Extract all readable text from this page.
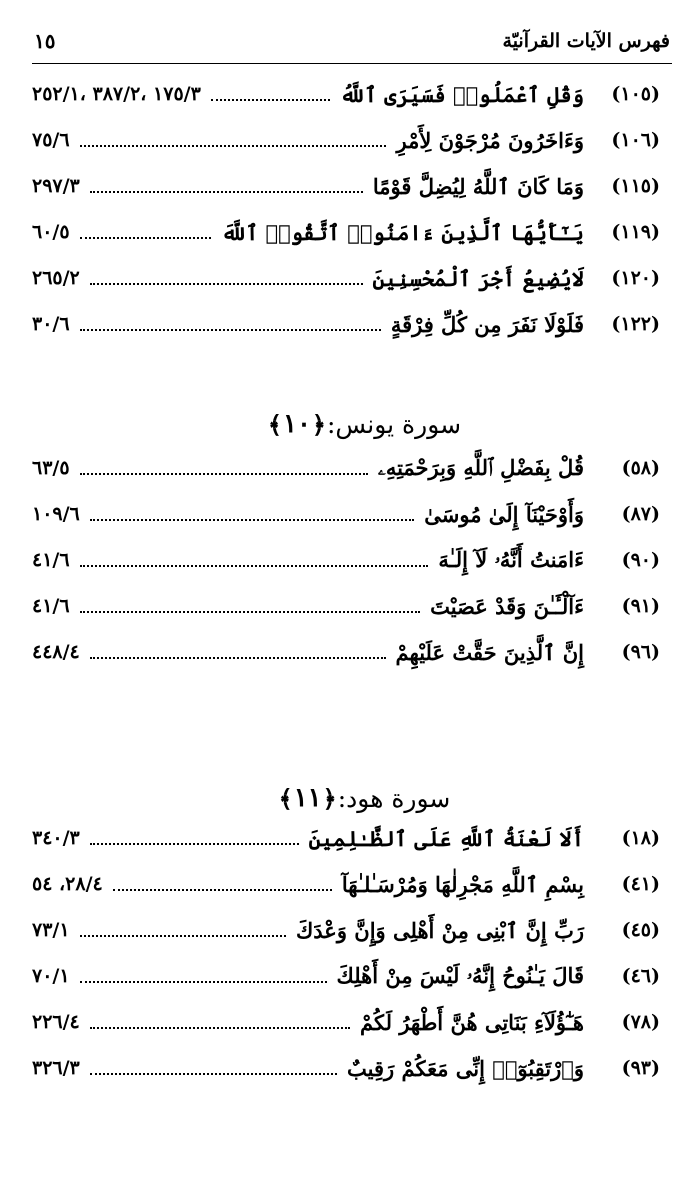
فهرس الآيات القرآنيّة
١٥
(١٠٥)
وَقُلِ ٱعْمَلُوا۟ فَسَيَرَى ٱللَّهُ
١٧٥/٣ ،٣٨٧/٢ ،٢٥٢/١
(١٠٦)
وَءَاخَرُونَ مُرْجَوْنَ لِأَمْرِ
٧٥/٦
(١١٥)
وَمَا كَانَ ٱللَّهُ لِيُضِلَّ قَوْمًا
٢٩٧/٣
(١١٩)
يَـٰٓأَيُّهَا ٱلَّذِينَ ءَامَنُوا۟ ٱتَّقُوا۟ ٱللَّهَ
٦٠/٥
(١٢٠)
لَايُضِيعُ أَجْرَ ٱلْمُحْسِنِينَ
٢٦٥/٢
(١٢٢)
فَلَوْلَا نَفَرَ مِن كُلِّ فِرْقَةٍ
٣٠/٦
سورة يونس:
﴿
١٠
﴾
(٥٨)
قُلْ بِفَضْلِ ٱللَّهِ وَبِرَحْمَتِهِۦ
٦٣/٥
(٨٧)
وَأَوْحَيْنَآ إِلَىٰ مُوسَىٰ
١٠٩/٦
(٩٠)
ءَامَنتُ أَنَّهُۥ لَآ إِلَـٰهَ
٤١/٦
(٩١)
ءَآلْـَٔـٰنَ وَقَدْ عَصَيْتَ
٤١/٦
(٩٦)
إِنَّ ٱلَّذِينَ حَقَّتْ عَلَيْهِمْ
٤٤٨/٤
سورة هود:
﴿
١١
﴾
(١٨)
أَلَا لَعْنَةُ ٱللَّهِ عَلَى ٱلظَّـٰلِمِينَ
٣٤٠/٣
(٤١)
بِسْمِ ٱللَّهِ مَجْرِلٰهَا وَمُرْسَـٰلـٰهَآ
٢٨/٤، ٥٤
(٤٥)
رَبِّ إِنَّ ٱبْنِى مِنْ أَهْلِى وَإِنَّ وَعْدَكَ
٧٣/١
(٤٦)
قَالَ يَـٰنُوحُ إِنَّهُۥ لَيْسَ مِنْ أَهْلِكَ
٧٠/١
(٧٨)
هَـٰٓؤُلَآءِ بَنَاتِى هُنَّ أَطْهَرُ لَكُمْ
٢٢٦/٤
(٩٣)
وَٱرْتَقِبُوٓا۟ إِنِّى مَعَكُمْ رَقِيبٌ
٣٢٦/٣
